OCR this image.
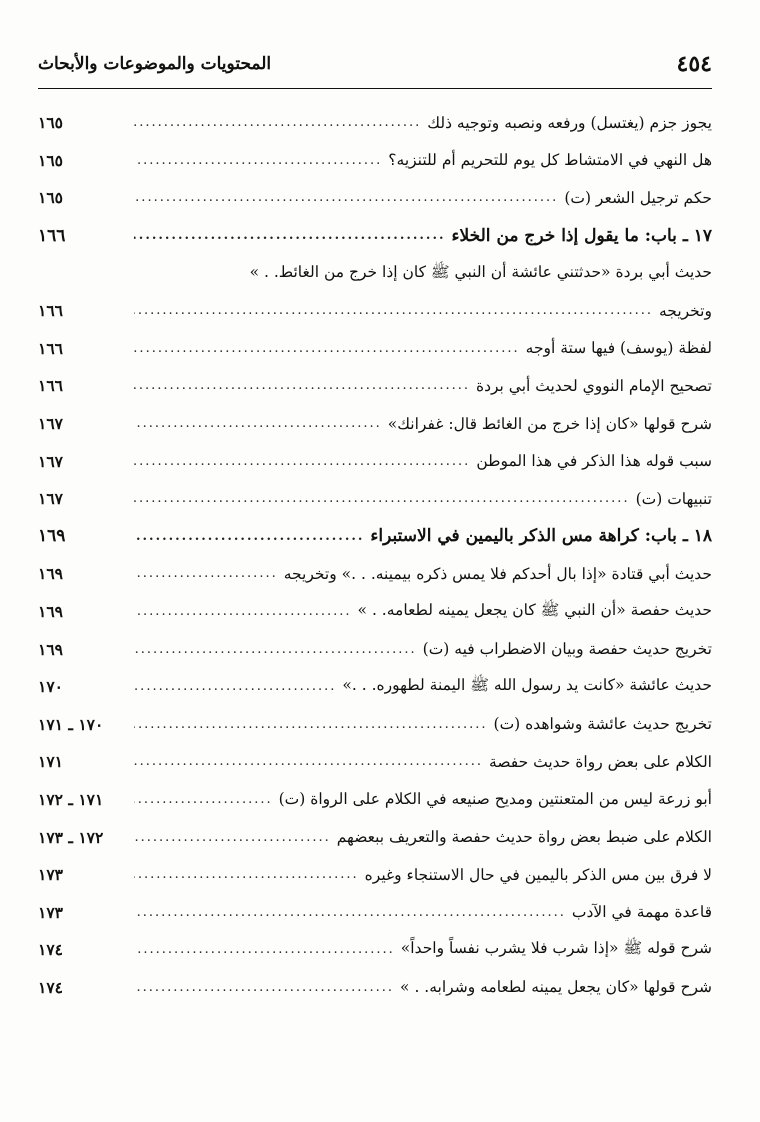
٤٥٤
المحتويات والموضوعات والأبحاث
يجوز جزم (يغتسل) ورفعه ونصبه وتوجيه ذلك
.....
١٦٥
هل النهي في الامتشاط كل يوم للتحريم أم للتنزيه؟
.....
١٦٥
حكم ترجيل الشعر (ت)
.....
١٦٥
١٧ ـ باب: ما يقول إذا خرج من الخلاء
.....
١٦٦
حديث أبي بردة «حدثتني عائشة أن النبي ﷺ كان إذا خرج من الغائط. . »
وتخريجه
.....
١٦٦
لفظة (يوسف) فيها ستة أوجه
.....
١٦٦
تصحيح الإمام النووي لحديث أبي بردة
.....
١٦٦
شرح قولها «كان إذا خرج من الغائط قال: غفرانك»
.....
١٦٧
سبب قوله هذا الذكر في هذا الموطن
.....
١٦٧
تنبيهات (ت)
.....
١٦٧
١٨ ـ باب: كراهة مس الذكر باليمين في الاستبراء
.....
١٦٩
حديث أبي قتادة «إذا بال أحدكم فلا يمس ذكره بيمينه. . .» وتخريجه
.....
١٦٩
حديث حفصة «أن النبي ﷺ كان يجعل يمينه لطعامه. . »
.....
١٦٩
تخريج حديث حفصة وبيان الاضطراب فيه (ت)
.....
١٦٩
حديث عائشة «كانت يد رسول الله ﷺ اليمنة لطهوره. . .»
.....
١٧٠
تخريج حديث عائشة وشواهده (ت)
.....
١٧٠ ـ ١٧١
الكلام على بعض رواة حديث حفصة
.....
١٧١
أبو زرعة ليس من المتعنتين ومديح صنيعه في الكلام على الرواة (ت)
.....
١٧١ ـ ١٧٢
الكلام على ضبط بعض رواة حديث حفصة والتعريف ببعضهم
.....
١٧٢ ـ ١٧٣
لا فرق بين مس الذكر باليمين في حال الاستنجاء وغيره
.....
١٧٣
قاعدة مهمة في الآدب
.....
١٧٣
شرح قوله ﷺ «إذا شرب فلا يشرب نفساً واحداً»
.....
١٧٤
شرح قولها «كان يجعل يمينه لطعامه وشرابه. . »
.....
١٧٤
